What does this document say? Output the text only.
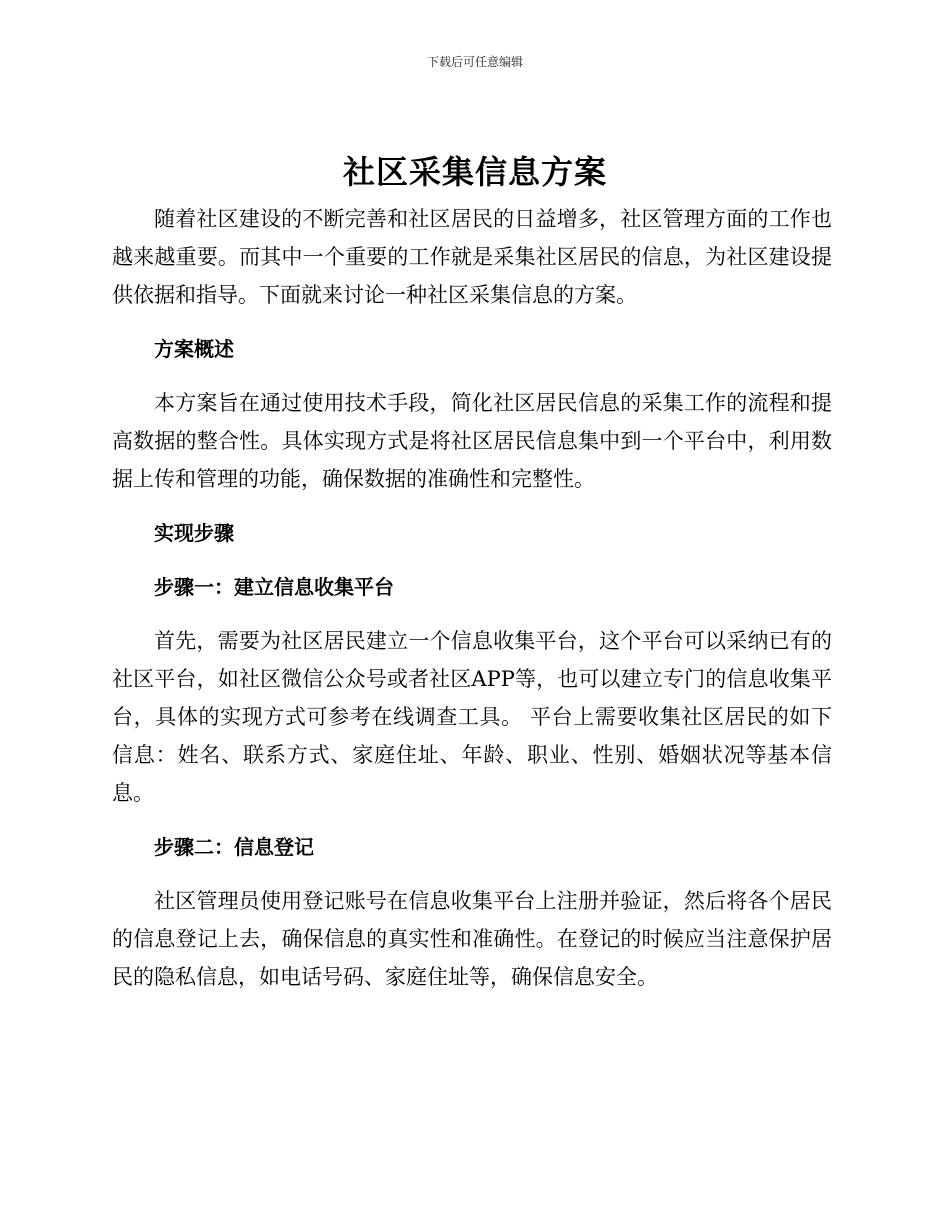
下载后可任意编辑
社区采集信息方案

随着社区建设的不断完善和社区居民的日益增多，社区管理方面的工作也越来越重要。而其中一个重要的工作就是采集社区居民的信息，为社区建设提供依据和指导。下面就来讨论一种社区采集信息的方案。

方案概述

本方案旨在通过使用技术手段，简化社区居民信息的采集工作的流程和提高数据的整合性。具体实现方式是将社区居民信息集中到一个平台中，利用数据上传和管理的功能，确保数据的准确性和完整性。

实现步骤

步骤一：建立信息收集平台

首先，需要为社区居民建立一个信息收集平台，这个平台可以采纳已有的社区平台，如社区微信公众号或者社区APP等，也可以建立专门的信息收集平台，具体的实现方式可参考在线调查工具。 平台上需要收集社区居民的如下信息：姓名、联系方式、家庭住址、年龄、职业、性别、婚姻状况等基本信息。

步骤二：信息登记

社区管理员使用登记账号在信息收集平台上注册并验证，然后将各个居民的信息登记上去，确保信息的真实性和准确性。在登记的时候应当注意保护居民的隐私信息，如电话号码、家庭住址等，确保信息安全。
